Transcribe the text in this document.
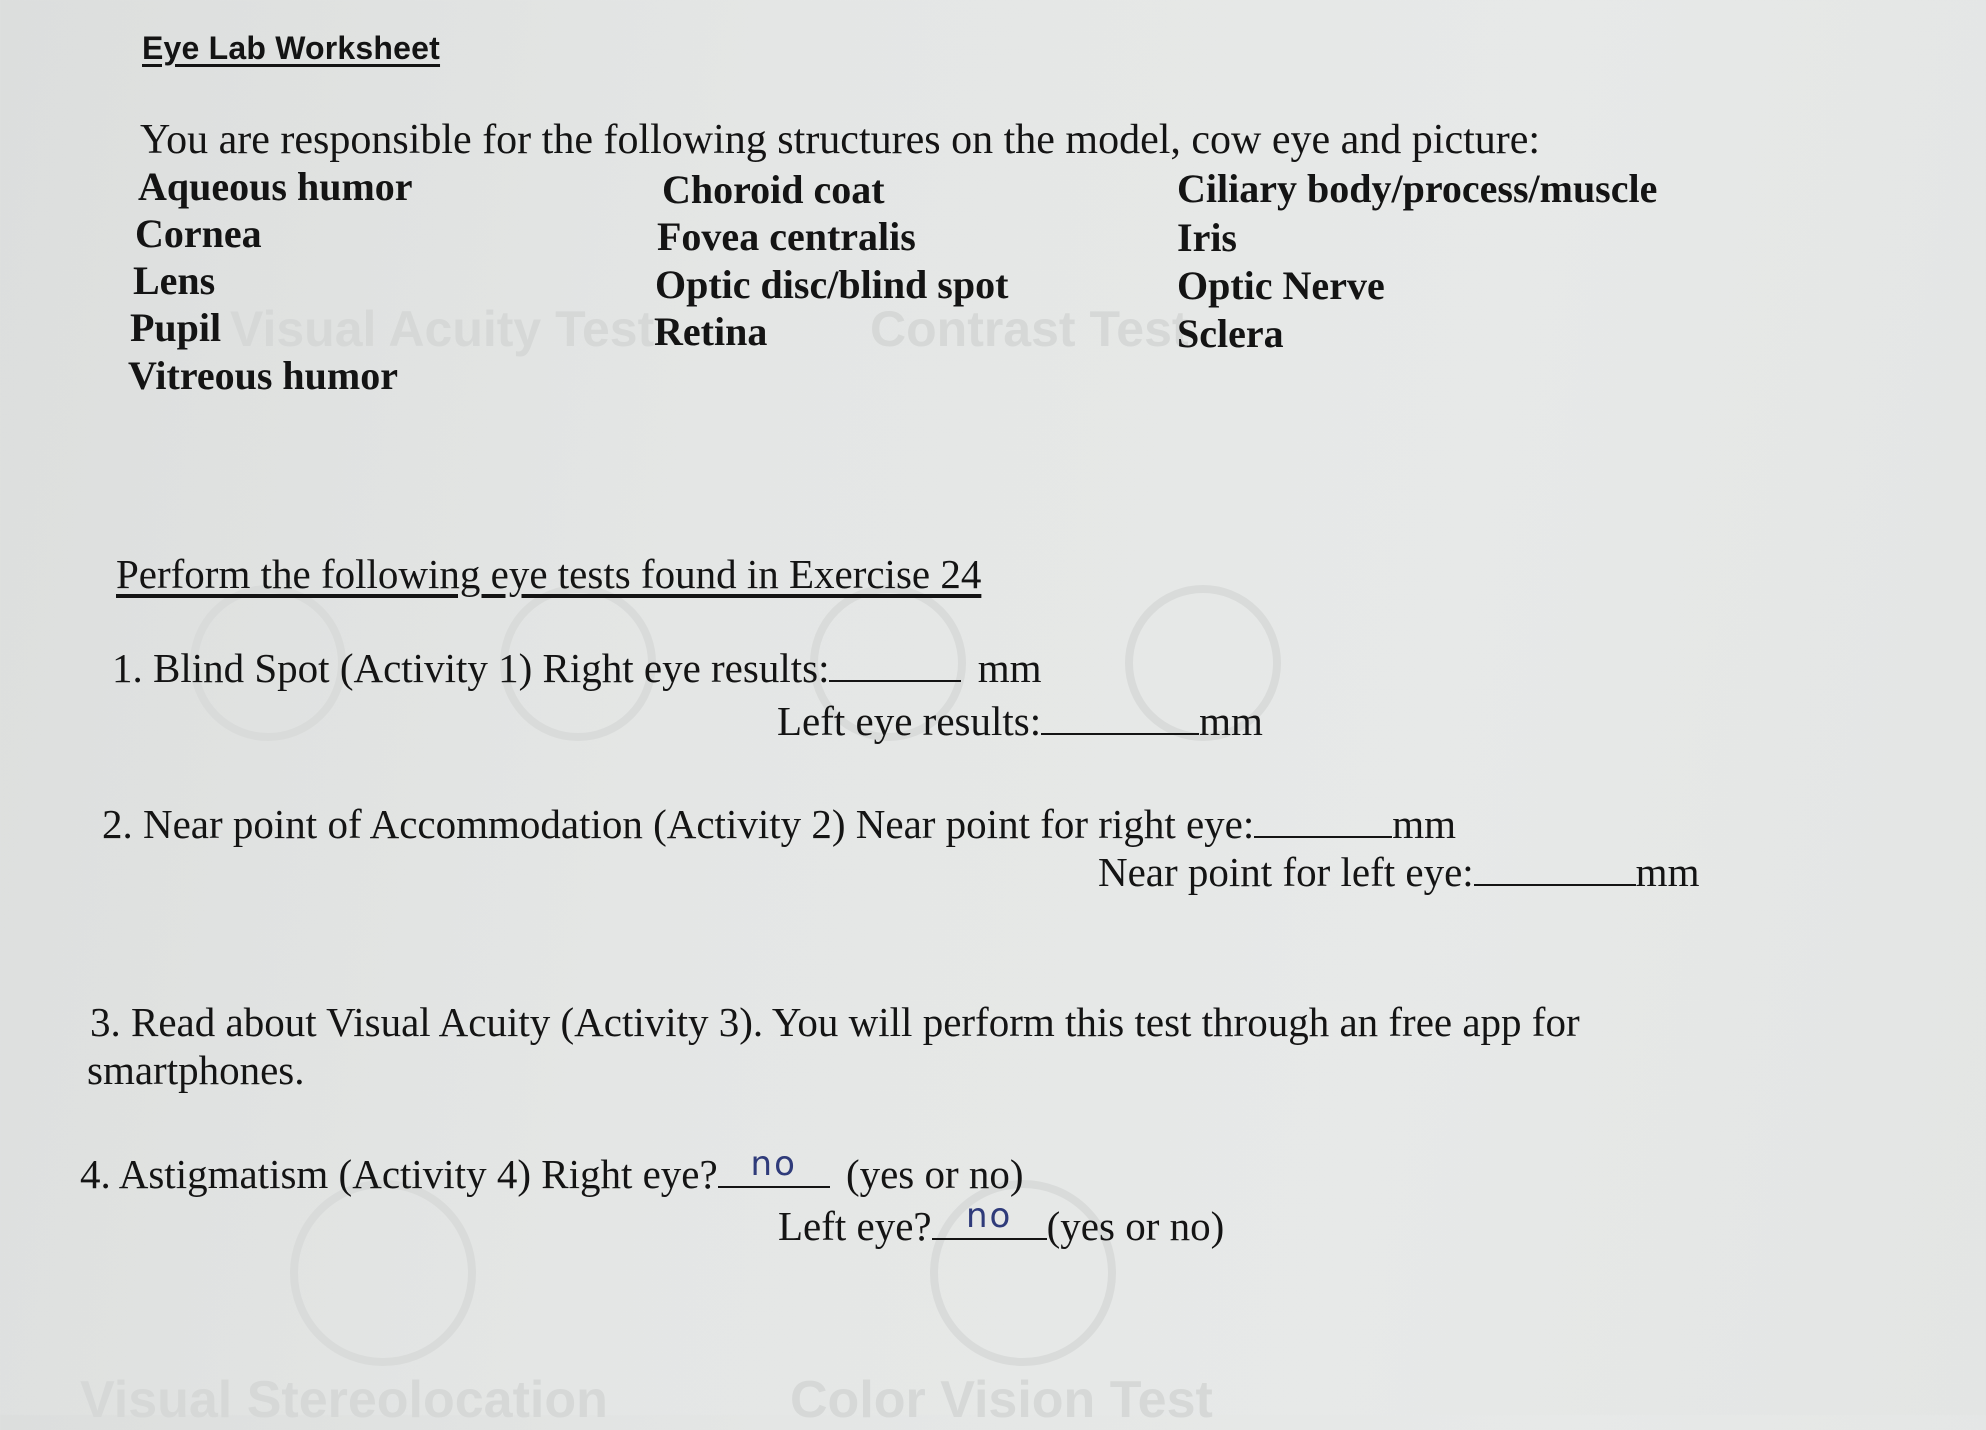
Visual Acuity Test	Contrast Test
Visual Stereolocation	Color Vision Test
Eye Lab Worksheet
You are responsible for the following structures on the model, cow eye and picture:
Aqueous humor
Cornea
Lens
Pupil
Vitreous humor
Choroid coat
Fovea centralis
Optic disc/blind spot
Retina
Ciliary body/process/muscle
Iris
Optic Nerve
Sclera
Perform the following eye tests found in Exercise 24
1. Blind Spot (Activity 1) Right eye results:	mm
Left eye results:	mm
2. Near point of Accommodation (Activity 2) Near point for right eye:	mm
Near point for left eye:	mm
3. Read about Visual Acuity (Activity 3). You will perform this test through an free app for
smartphones.
4. Astigmatism (Activity 4) Right eye? no	(yes or no)
Left eye?	no (yes or no)
